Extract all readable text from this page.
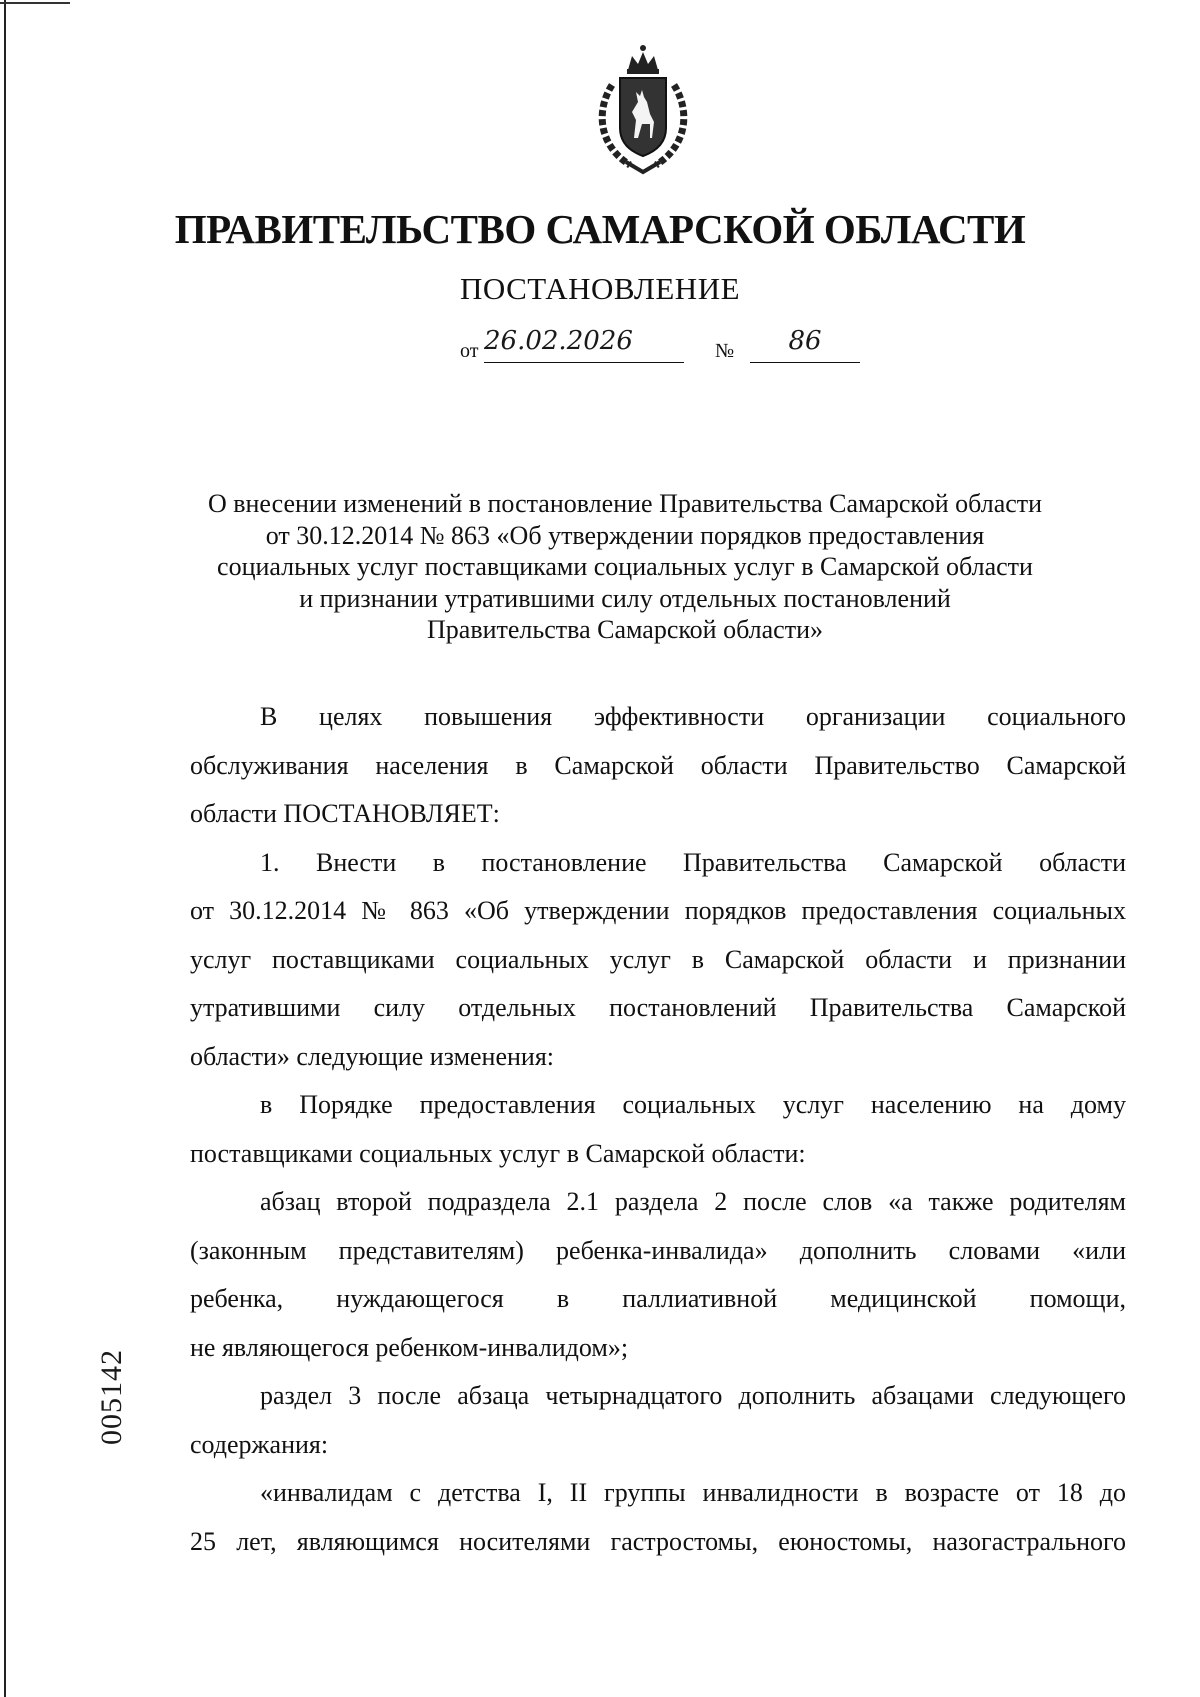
ПРАВИТЕЛЬСТВО САМАРСКОЙ ОБЛАСТИ
ПОСТАНОВЛЕНИЕ
от 26.02.2026	№	86
О внесении изменений в постановление Правительства Самарской области
от 30.12.2014 № 863 «Об утверждении порядков предоставления
социальных услуг поставщиками социальных услуг в Самарской области
и признании утратившими силу отдельных постановлений
Правительства Самарской области»
В целях повышения эффективности организации социального
обслуживания населения в Самарской области Правительство Самарской
области ПОСТАНОВЛЯЕТ:
1. Внести в постановление Правительства Самарской области
от 30.12.2014 № 863 «Об утверждении порядков предоставления социальных
услуг поставщиками социальных услуг в Самарской области и признании
утратившими силу отдельных постановлений Правительства Самарской
области» следующие изменения:
в Порядке предоставления социальных услуг населению на дому
поставщиками социальных услуг в Самарской области:
абзац второй подраздела 2.1 раздела 2 после слов «а также родителям
(законным представителям) ребенка-инвалида» дополнить словами «или
ребенка, нуждающегося в паллиативной медицинской помощи,
не являющегося ребенком-инвалидом»;
раздел 3 после абзаца четырнадцатого дополнить абзацами следующего
содержания:
«инвалидам с детства I, II группы инвалидности в возрасте от 18 до
25 лет, являющимся носителями гастростомы, еюностомы, назогастрального
005142
